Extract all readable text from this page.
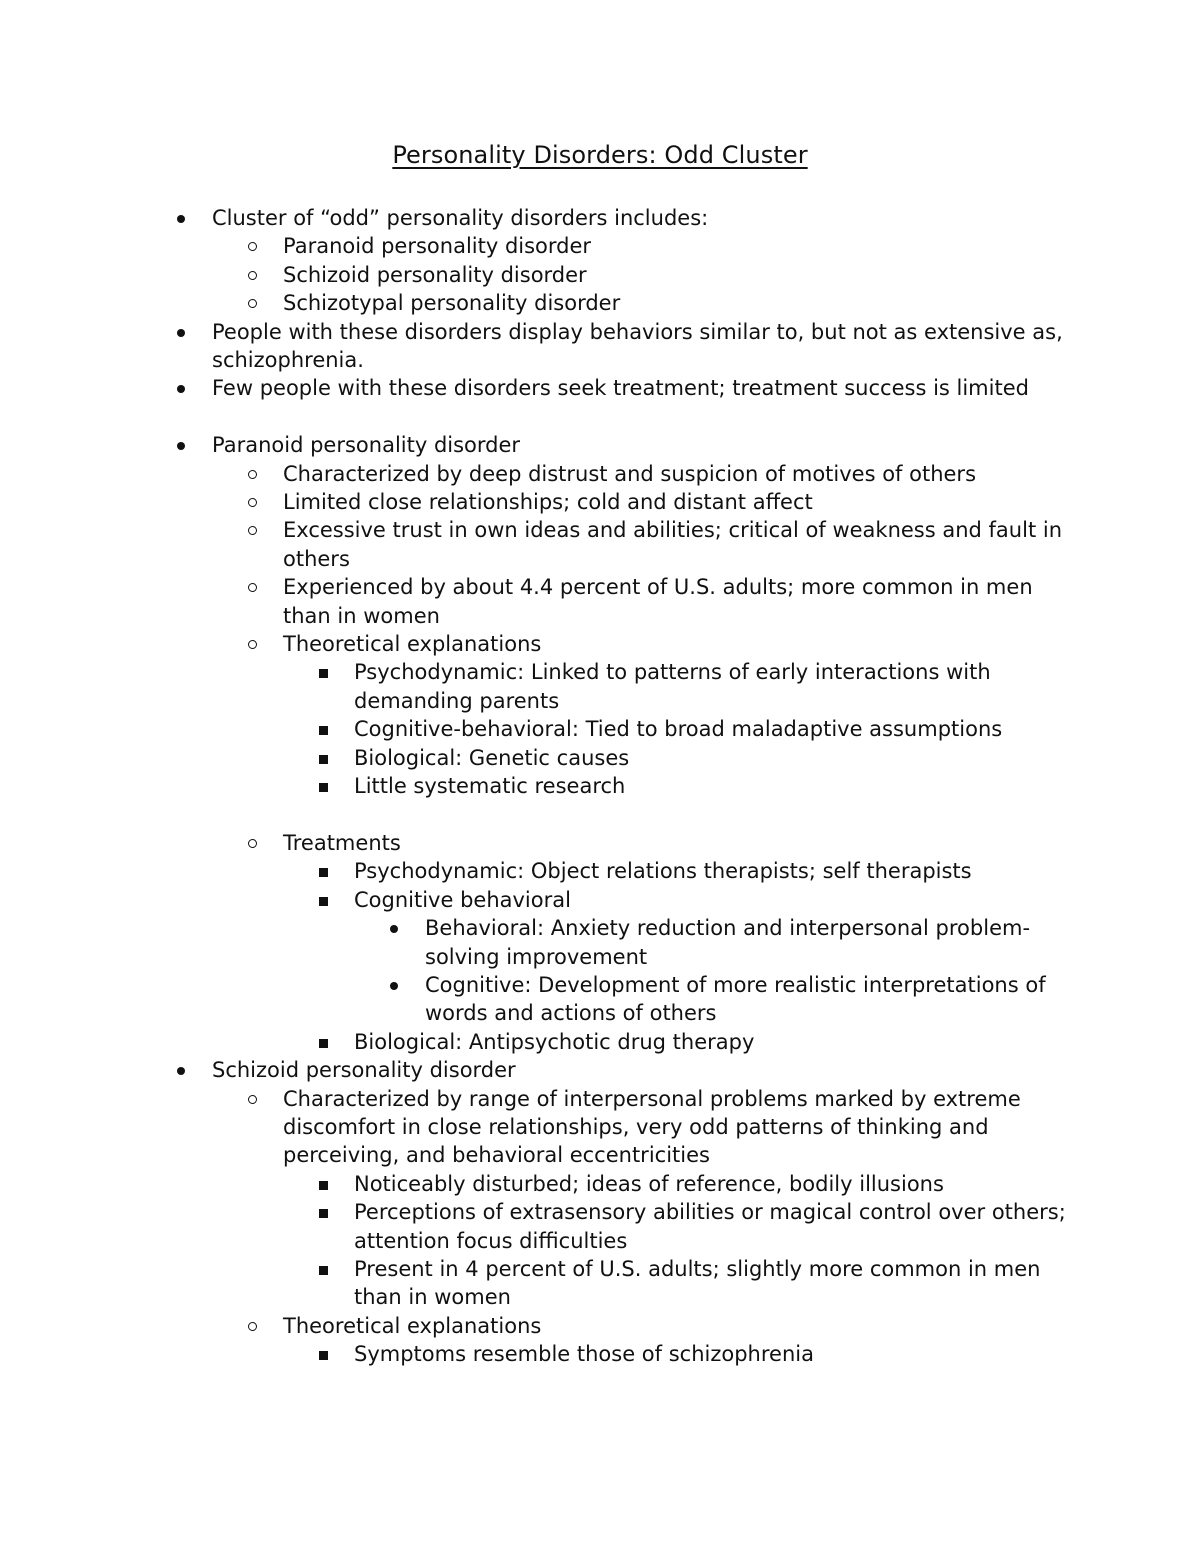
Personality Disorders: Odd Cluster
Cluster of “odd” personality disorders includes:
Paranoid personality disorder
Schizoid personality disorder
Schizotypal personality disorder
People with these disorders display behaviors similar to, but not as extensive as, schizophrenia.
Few people with these disorders seek treatment; treatment success is limited
Paranoid personality disorder
Characterized by deep distrust and suspicion of motives of others
Limited close relationships; cold and distant affect
Excessive trust in own ideas and abilities; critical of weakness and fault in others
Experienced by about 4.4 percent of U.S. adults; more common in men than in women
Theoretical explanations
Psychodynamic: Linked to patterns of early interactions with demanding parents
Cognitive-behavioral: Tied to broad maladaptive assumptions
Biological: Genetic causes
Little systematic research
Treatments
Psychodynamic: Object relations therapists; self therapists
Cognitive behavioral
Behavioral: Anxiety reduction and interpersonal problem-solving improvement
Cognitive: Development of more realistic interpretations of words and actions of others
Biological: Antipsychotic drug therapy
Schizoid personality disorder
Characterized by range of interpersonal problems marked by extreme discomfort in close relationships, very odd patterns of thinking and perceiving, and behavioral eccentricities
Noticeably disturbed; ideas of reference, bodily illusions
Perceptions of extrasensory abilities or magical control over others; attention focus difficulties
Present in 4 percent of U.S. adults; slightly more common in men than in women
Theoretical explanations
Symptoms resemble those of schizophrenia
